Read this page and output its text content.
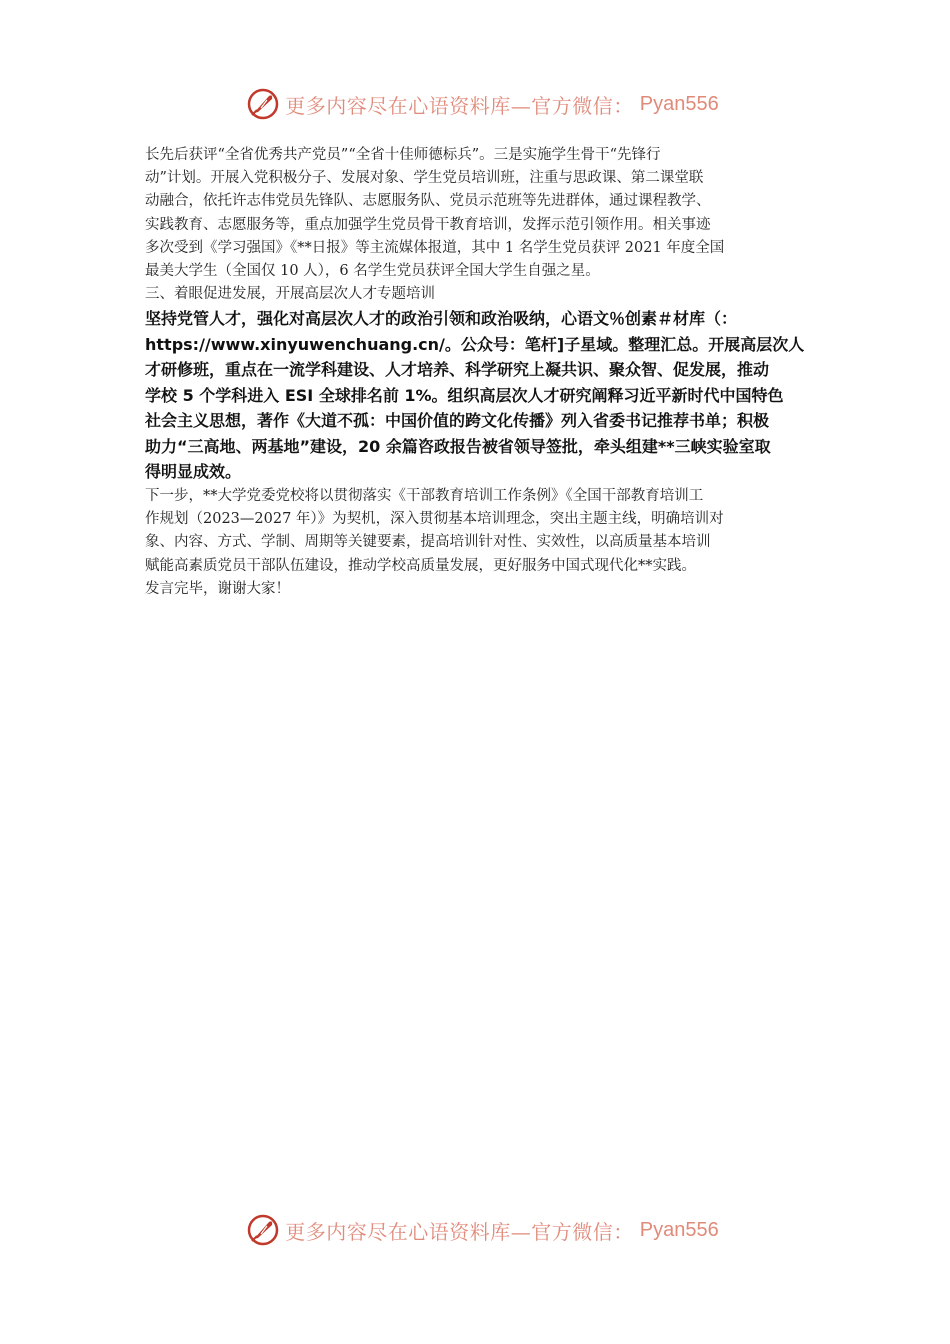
更多内容尽在心语资料库—官方微信： Pyan556

长先后获评“全省优秀共产党员”“全省十佳师德标兵”。三是实施学生骨干“先锋行

动”计划。开展入党积极分子、发展对象、学生党员培训班，注重与思政课、第二课堂联

动融合，依托许志伟党员先锋队、志愿服务队、党员示范班等先进群体，通过课程教学、

实践教育、志愿服务等，重点加强学生党员骨干教育培训，发挥示范引领作用。相关事迹

多次受到《学习强国》《**日报》等主流媒体报道，其中 1 名学生党员获评 2021 年度全国

最美大学生（全国仅 10 人），6 名学生党员获评全国大学生自强之星。

三、着眼促进发展，开展高层次人才专题培训

坚持党管人才，强化对高层次人才的政治引领和政治吸纳，心语文％创素＃材库（：

https://www.xinyuwenchuang.cn/。公众号：笔杆]子星域。整理汇总。开展高层次人

才研修班，重点在一流学科建设、人才培养、科学研究上凝共识、聚众智、促发展，推动

学校 5 个学科进入 ESI 全球排名前 1%。组织高层次人才研究阐释习近平新时代中国特色

社会主义思想，著作《大道不孤：中国价值的跨文化传播》列入省委书记推荐书单；积极

助力“三高地、两基地”建设，20 余篇咨政报告被省领导签批，牵头组建**三峡实验室取

得明显成效。

下一步，**大学党委党校将以贯彻落实《干部教育培训工作条例》《全国干部教育培训工

作规划（2023—2027 年）》为契机，深入贯彻基本培训理念，突出主题主线，明确培训对

象、内容、方式、学制、周期等关键要素，提高培训针对性、实效性，以高质量基本培训

赋能高素质党员干部队伍建设，推动学校高质量发展，更好服务中国式现代化**实践。

发言完毕，谢谢大家！

更多内容尽在心语资料库—官方微信： Pyan556
